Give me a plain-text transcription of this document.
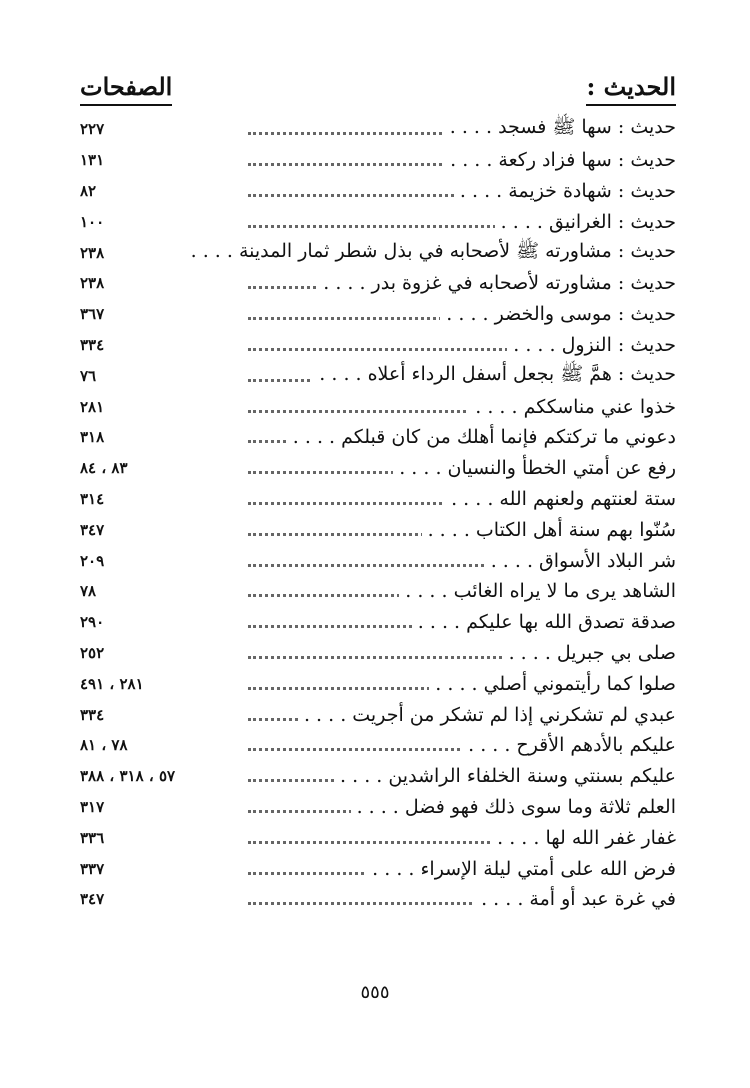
الحديث :
الصفحات
٢٢٧	حديث : سها ﷺ فسجد . . . .
١٣١	حديث : سها فزاد ركعة . . . .
٨٢	حديث : شهادة خزيمة . . . .
١٠٠	حديث : الغرانيق . . . .
٢٣٨	حديث : مشاورته ﷺ لأصحابه في بذل شطر ثمار المدينة . . . .
٢٣٨	حديث : مشاورته لأصحابه في غزوة بدر . . . .
٣٦٧	حديث : موسى والخضر . . . .
٣٣٤	حديث : النزول . . . .
٧٦	حديث : همَّ ﷺ بجعل أسفل الرداء أعلاه . . . .
٢٨١	خذوا عني مناسككم . . . .
٣١٨	دعوني ما تركتكم فإنما أهلك من كان قبلكم . . . .
٨٣ ، ٨٤	رفع عن أمتي الخطأ والنسيان . . . .
٣١٤	ستة لعنتهم ولعنهم الله . . . .
٣٤٧	سُنّوا بهم سنة أهل الكتاب . . . .
٢٠٩	شر البلاد الأسواق . . . .
٧٨	الشاهد يرى ما لا يراه الغائب . . . .
٢٩٠	صدقة تصدق الله بها عليكم . . . .
٢٥٢	صلى بي جبريل . . . .
٢٨١ ، ٤٩١	صلوا كما رأيتموني أصلي . . . .
٣٣٤	عبدي لم تشكرني إذا لم تشكر من أجريت . . . .
٧٨ ، ٨١	عليكم بالأدهم الأقرح . . . .
٥٧ ، ٣١٨ ، ٣٨٨	عليكم بسنتي وسنة الخلفاء الراشدين . . . .
٣١٧	العلم ثلاثة وما سوى ذلك فهو فضل . . . .
٣٣٦	غفار غفر الله لها . . . .
٣٣٧	فرض الله على أمتي ليلة الإسراء . . . .
٣٤٧	في غرة عبد أو أمة . . . .
٥٥٥
